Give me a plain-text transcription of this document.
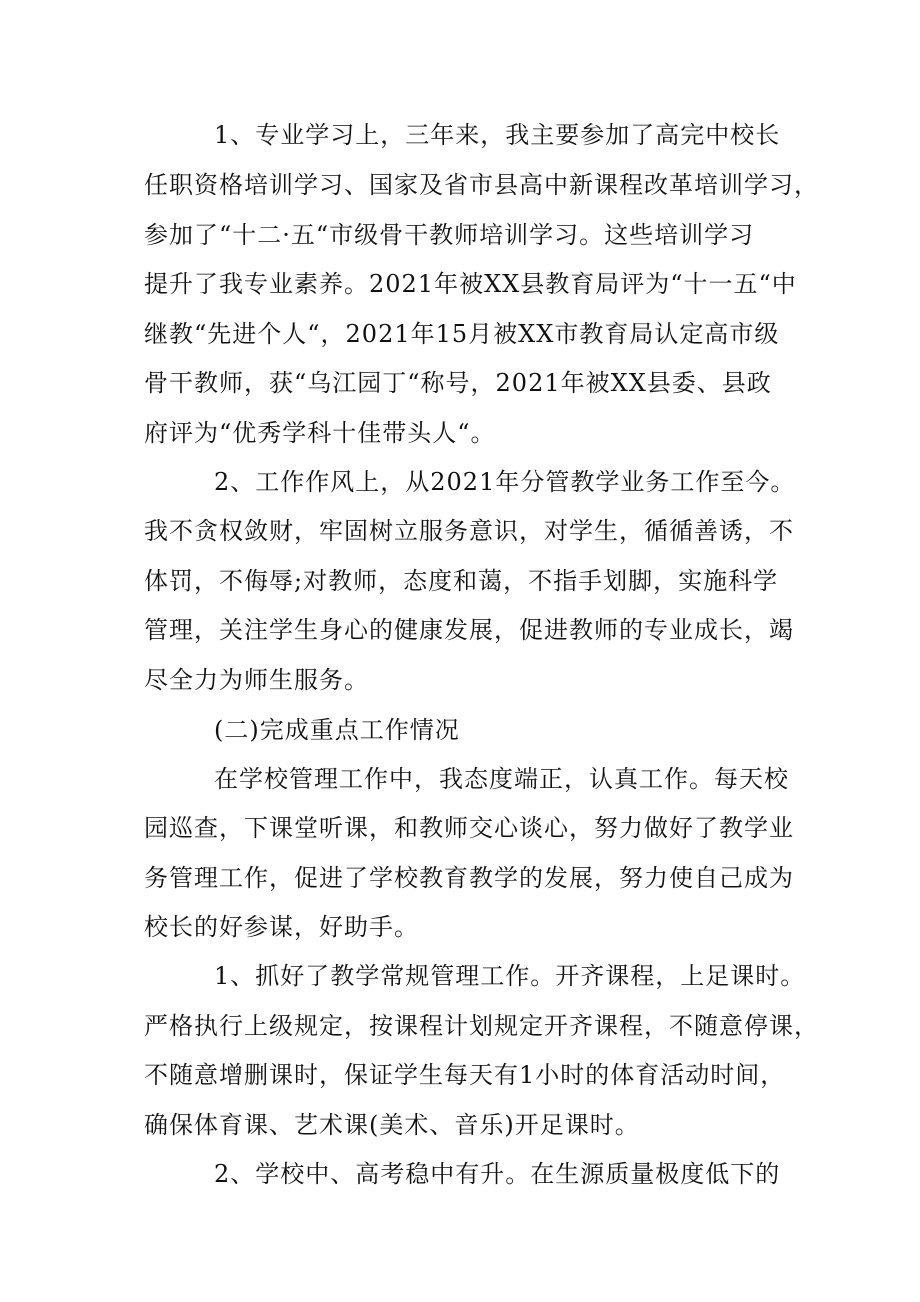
1、专业学习上，三年来，我主要参加了高完中校长
任职资格培训学习、国家及省市县高中新课程改革培训学习，
参加了“十二·五“市级骨干教师培训学习。这些培训学习
提升了我专业素养。2021年被XX县教育局评为“十一五“中
继教“先进个人“，2021年15月被XX市教育局认定高市级
骨干教师，获“乌江园丁“称号，2021年被XX县委、县政
府评为“优秀学科十佳带头人“。
2、工作作风上，从2021年分管教学业务工作至今。
我不贪权敛财，牢固树立服务意识，对学生，循循善诱，不
体罚，不侮辱;对教师，态度和蔼，不指手划脚，实施科学
管理，关注学生身心的健康发展，促进教师的专业成长，竭
尽全力为师生服务。
(二)完成重点工作情况
在学校管理工作中，我态度端正，认真工作。每天校
园巡查，下课堂听课，和教师交心谈心，努力做好了教学业
务管理工作，促进了学校教育教学的发展，努力使自己成为
校长的好参谋，好助手。
1、抓好了教学常规管理工作。开齐课程，上足课时。
严格执行上级规定，按课程计划规定开齐课程，不随意停课，
不随意增删课时，保证学生每天有1小时的体育活动时间，
确保体育课、艺术课(美术、音乐)开足课时。
2、学校中、高考稳中有升。在生源质量极度低下的
